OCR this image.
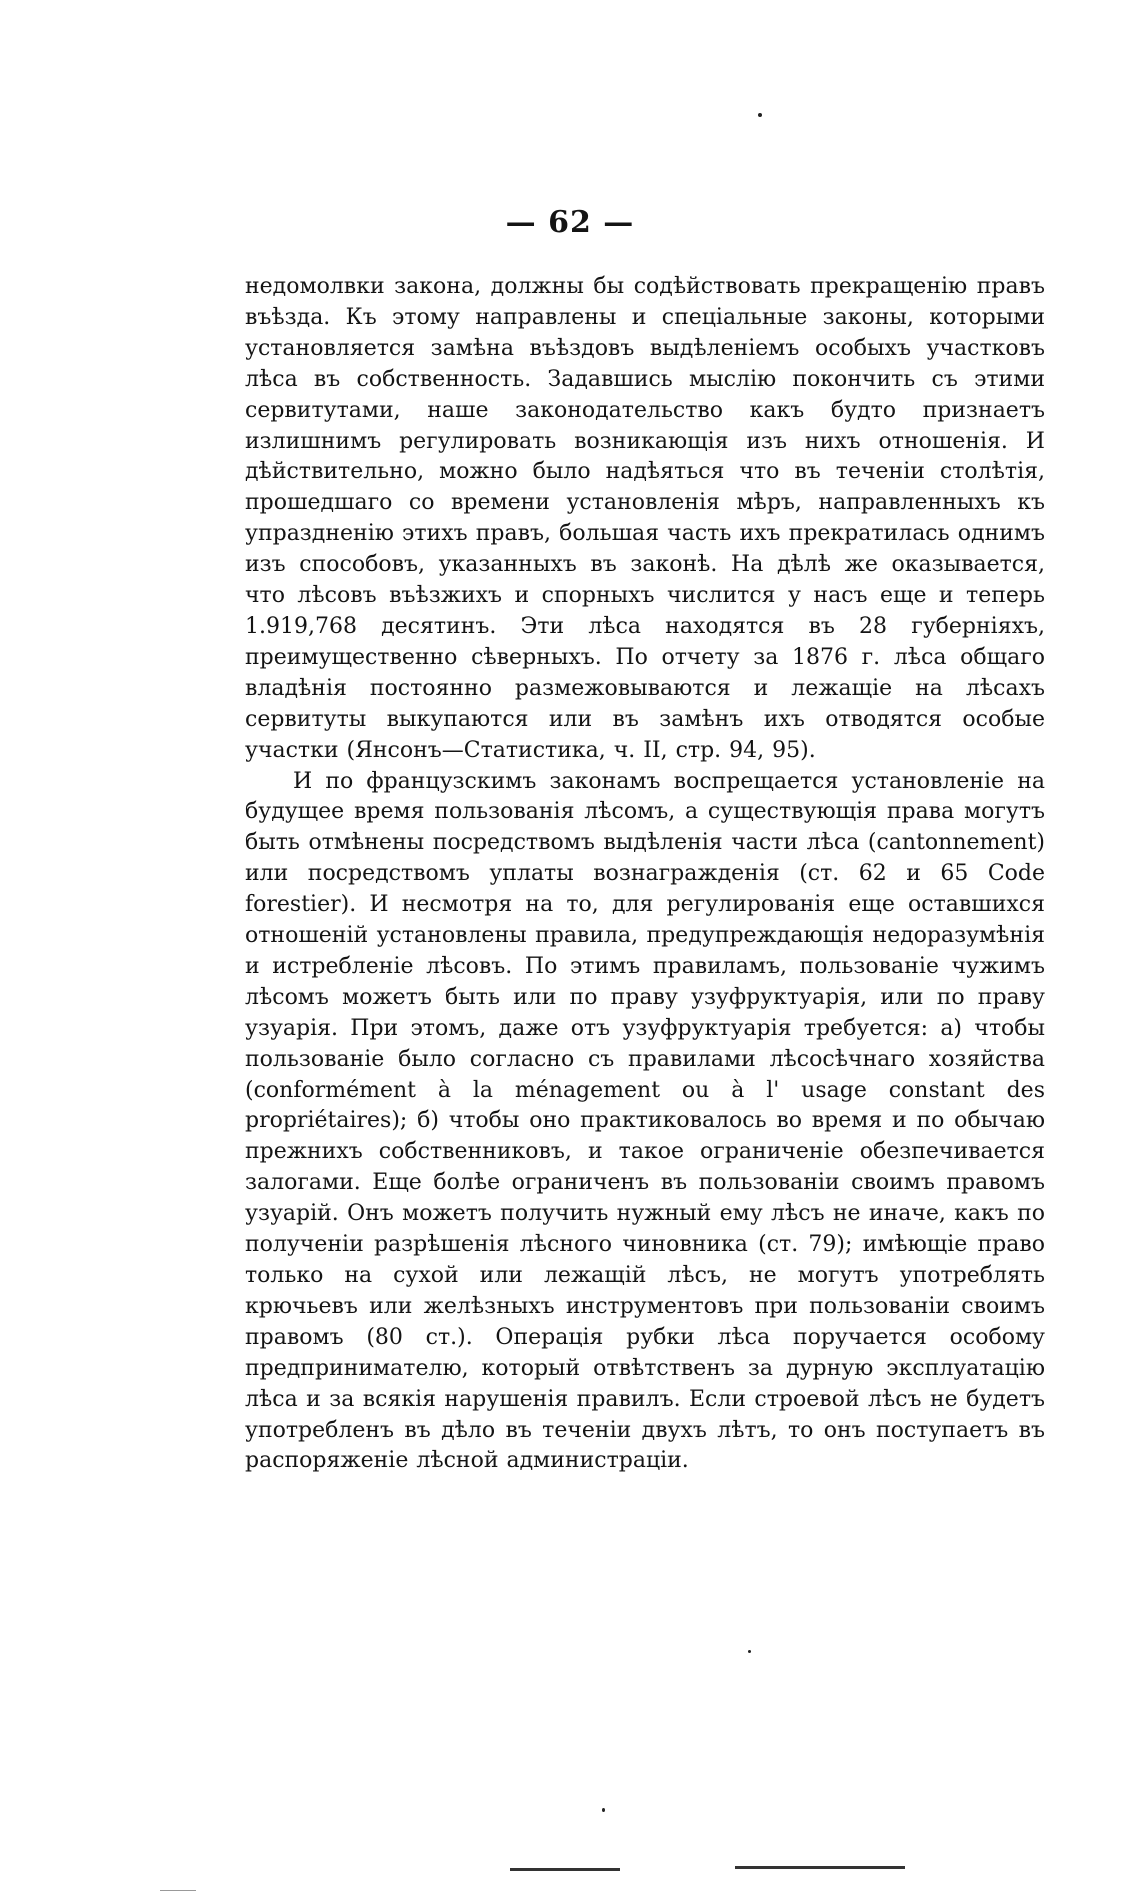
— 62 —

недомолвки закона, должны бы содѣйствовать прекращенію правъ въѣзда. Къ этому направлены и спеціальные законы, которыми установляется замѣна въѣздовъ выдѣленіемъ особыхъ участковъ лѣса въ собственность. Задавшись мыслію покончить съ этими сервитутами, наше законодательство какъ будто признаетъ излишнимъ регулировать возникающія изъ нихъ отношенія. И дѣйствительно, можно было надѣяться что въ теченіи столѣтія, прошедшаго со времени установленія мѣръ, направленныхъ къ упраздненію этихъ правъ, большая часть ихъ прекратилась однимъ изъ способовъ, указанныхъ въ законѣ. На дѣлѣ же оказывается, что лѣсовъ въѣзжихъ и спорныхъ числится у насъ еще и теперь 1.919,768 десятинъ. Эти лѣса находятся въ 28 губерніяхъ, преимущественно сѣверныхъ. По отчету за 1876 г. лѣса общаго владѣнія постоянно размежовываются и лежащіе на лѣсахъ сервитуты выкупаются или въ замѣнъ ихъ отводятся особые участки (Янсонъ—Статистика, ч. II, стр. 94, 95).

И по французскимъ законамъ воспрещается установленіе на будущее время пользованія лѣсомъ, а существующія права могутъ быть отмѣнены посредствомъ выдѣленія части лѣса (cantonnement) или посредствомъ уплаты вознагражденія (ст. 62 и 65 Code forestier). И несмотря на то, для регулированія еще оставшихся отношеній установлены правила, предупреждающія недоразумѣнія и истребленіе лѣсовъ. По этимъ правиламъ, пользованіе чужимъ лѣсомъ можетъ быть или по праву узуфруктуарія, или по праву узуарія. При этомъ, даже отъ узуфруктуарія требуется: а) чтобы пользованіе было согласно съ правилами лѣсосѣчнаго хозяйства (conformément à la ménagement ou à l' usage constant des propriétaires); б) чтобы оно практиковалось во время и по обычаю прежнихъ собственниковъ, и такое ограниченіе обезпечивается залогами. Еще болѣе ограниченъ въ пользованіи своимъ правомъ узуарій. Онъ можетъ получить нужный ему лѣсъ не иначе, какъ по полученіи разрѣшенія лѣсного чиновника (ст. 79); имѣющіе право только на сухой или лежащій лѣсъ, не могутъ употреблять крючьевъ или желѣзныхъ инструментовъ при пользованіи своимъ правомъ (80 ст.). Операція рубки лѣса поручается особому предпринимателю, который отвѣтственъ за дурную эксплуатацію лѣса и за всякія нарушенія правилъ. Если строевой лѣсъ не будетъ употребленъ въ дѣло въ теченіи двухъ лѣтъ, то онъ поступаетъ въ распоряженіе лѣсной администраціи.
